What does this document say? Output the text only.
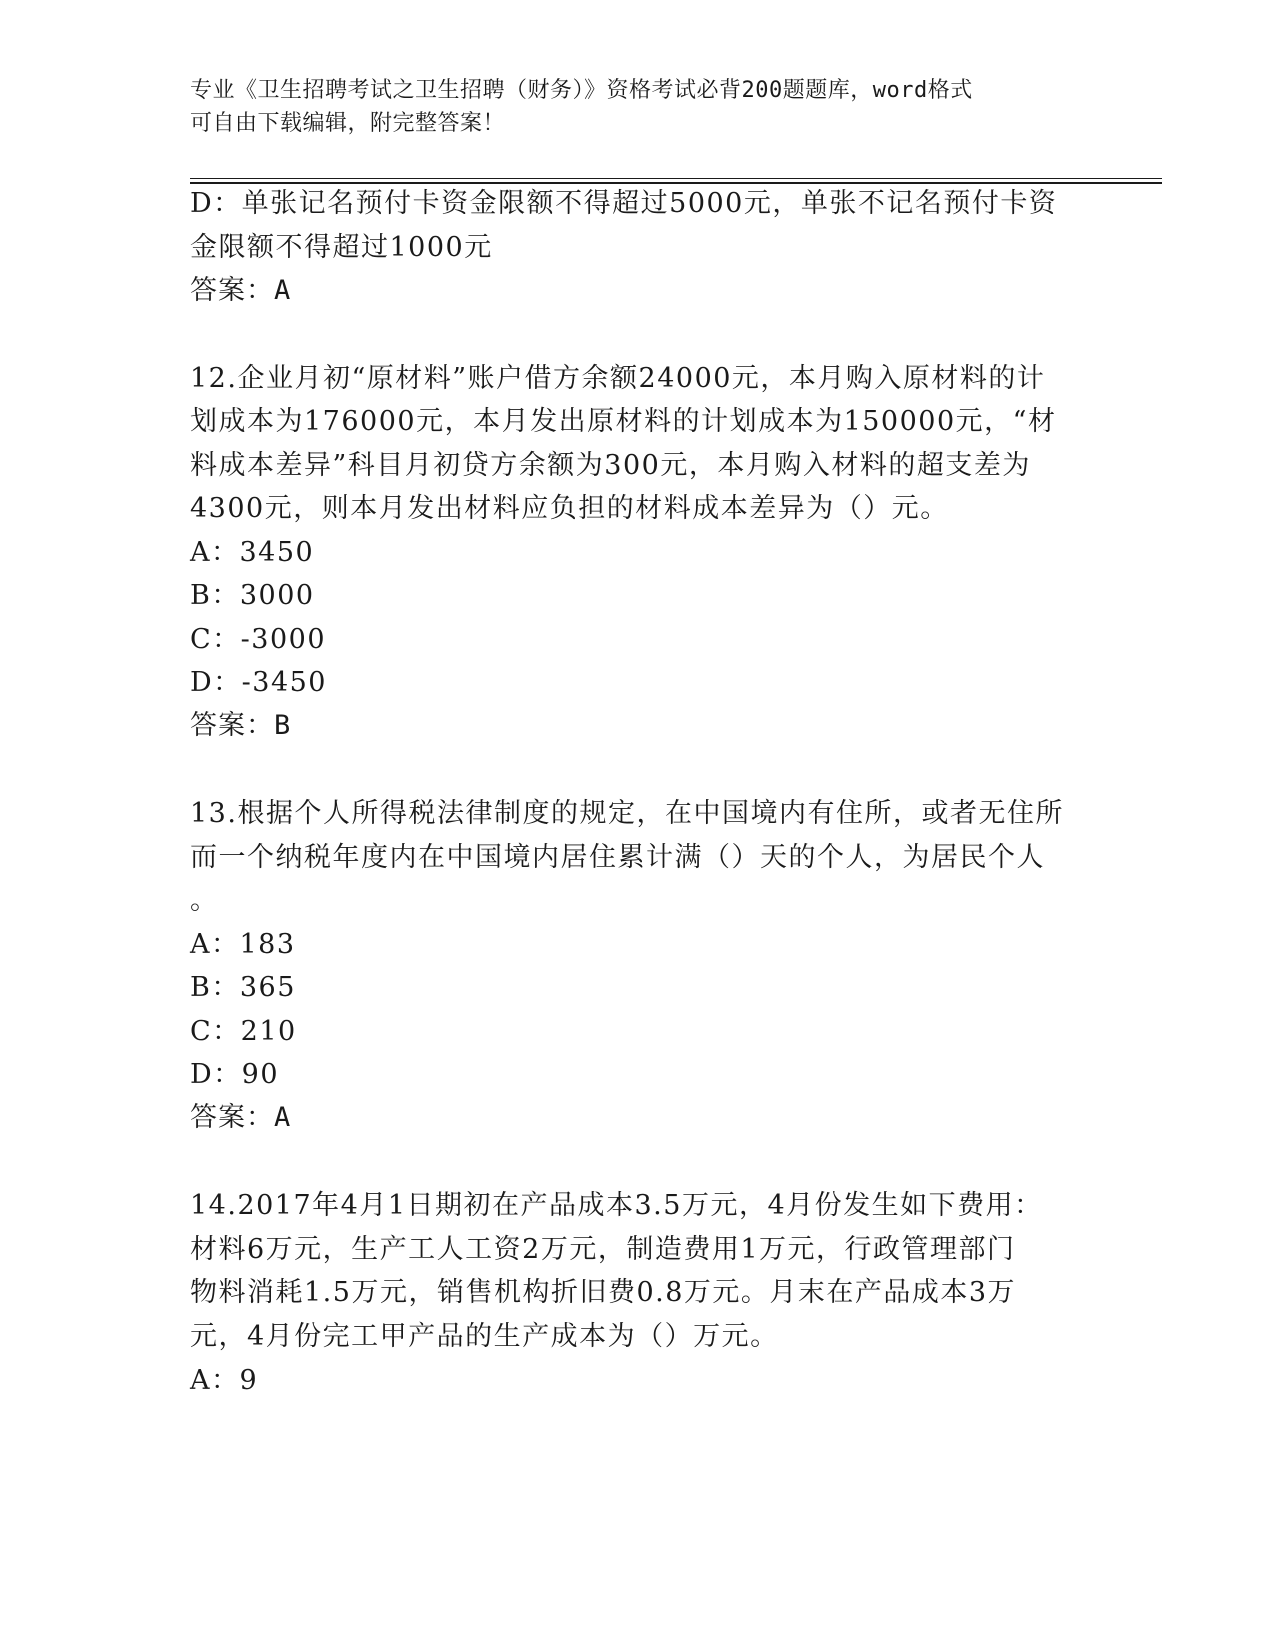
专业《卫生招聘考试之卫生招聘（财务）》资格考试必背200题题库，word格式
可自由下载编辑，附完整答案！
D：单张记名预付卡资金限额不得超过5000元，单张不记名预付卡资
金限额不得超过1000元
答案：A
12.企业月初“原材料”账户借方余额24000元，本月购入原材料的计
划成本为176000元，本月发出原材料的计划成本为150000元，“材
料成本差异”科目月初贷方余额为300元，本月购入材料的超支差为
4300元，则本月发出材料应负担的材料成本差异为（）元。
A：3450
B：3000
C：-3000
D：-3450
答案：B
13.根据个人所得税法律制度的规定，在中国境内有住所，或者无住所
而一个纳税年度内在中国境内居住累计满（）天的个人，为居民个人
。
A：183
B：365
C：210
D：90
答案：A
14.2017年4月1日期初在产品成本3.5万元，4月份发生如下费用：
材料6万元，生产工人工资2万元，制造费用1万元，行政管理部门
物料消耗1.5万元，销售机构折旧费0.8万元。月末在产品成本3万
元，4月份完工甲产品的生产成本为（）万元。
A：9
